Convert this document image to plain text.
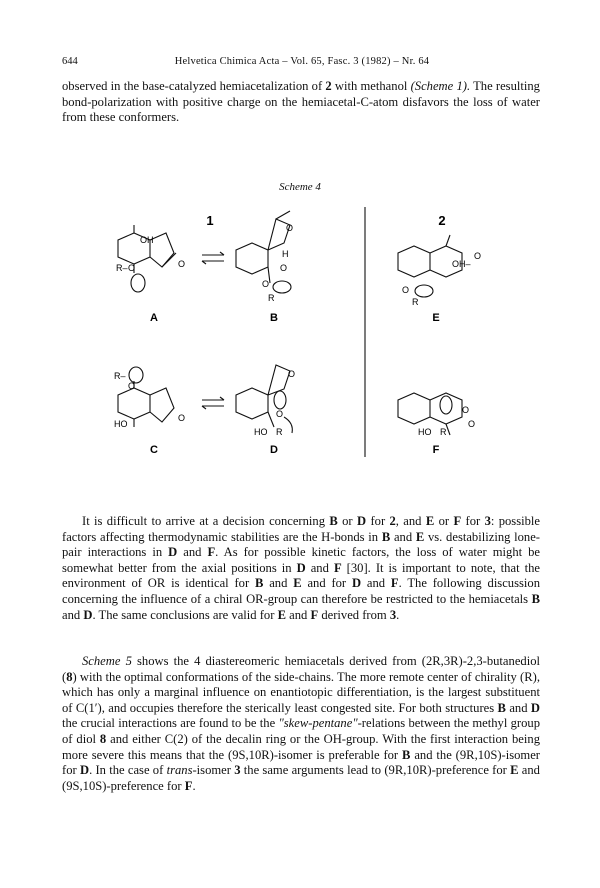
644	Helvetica Chimica Acta – Vol. 65, Fasc. 3 (1982) – Nr. 64

observed in the base-catalyzed hemiacetalization of 2 with methanol (Scheme 1). The resulting bond-polarization with positive charge on the hemiacetal-C-atom disfavors the loss of water from these conformers.

Scheme 4
1	2
OH
R– O	O
A
O
H
O
O
R
B
OH–
O
O
R
E
R–
O
HO
O
C
O
O
HO R
D
O
O
HO R
F

It is difficult to arrive at a decision concerning B or D for 2, and E or F for 3: possible factors affecting thermodynamic stabilities are the H-bonds in B and E vs. destabilizing lone-pair interactions in D and F. As for possible kinetic factors, the loss of water might be somewhat better from the axial positions in D and F [30]. It is important to note, that the environment of OR is identical for B and E and for D and F. The following discussion concerning the influence of a chiral OR-group can therefore be restricted to the hemiacetals B and D. The same conclusions are valid for E and F derived from 3.

Scheme 5 shows the 4 diastereomeric hemiacetals derived from (2R,3R)-2,3-butanediol (8) with the optimal conformations of the side-chains. The more remote center of chirality (R), which has only a marginal influence on enantiotopic differentiation, is the largest substituent of C(1′), and occupies therefore the sterically least congested site. For both structures B and D the crucial interactions are found to be the "skew-pentane"-relations between the methyl group of diol 8 and either C(2) of the decalin ring or the OH-group. With the first interaction being more severe this means that the (9S,10R)-isomer is preferable for B and the (9R,10S)-isomer for D. In the case of trans-isomer 3 the same arguments lead to (9R,10R)-preference for E and (9S,10S)-preference for F.
